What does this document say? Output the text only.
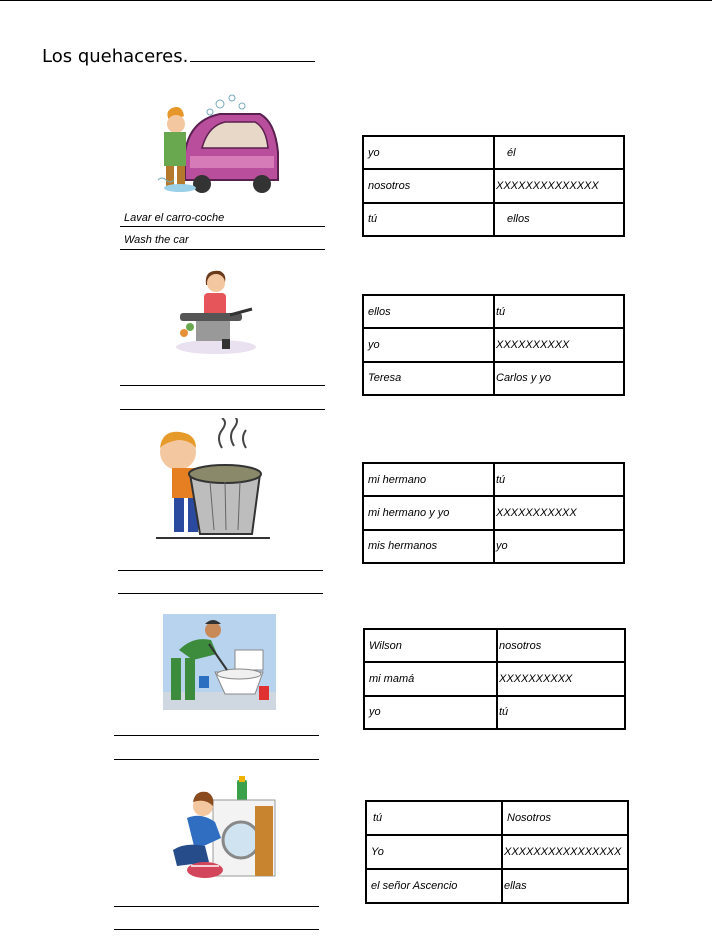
Los quehaceres.
Lavar el carro-coche
Wash the car
yo	él
nosotros	XXXXXXXXXXXXXX
tú	ellos
ellos	tú
yo	XXXXXXXXXX
Teresa	Carlos y yo
mi hermano	tú
mi hermano y yo	XXXXXXXXXXX
mis hermanos	yo
Wilson	nosotros
mi mamá	XXXXXXXXXX
yo	tú
tú	Nosotros
Yo	XXXXXXXXXXXXXXXX
el señor Ascencio	ellas
